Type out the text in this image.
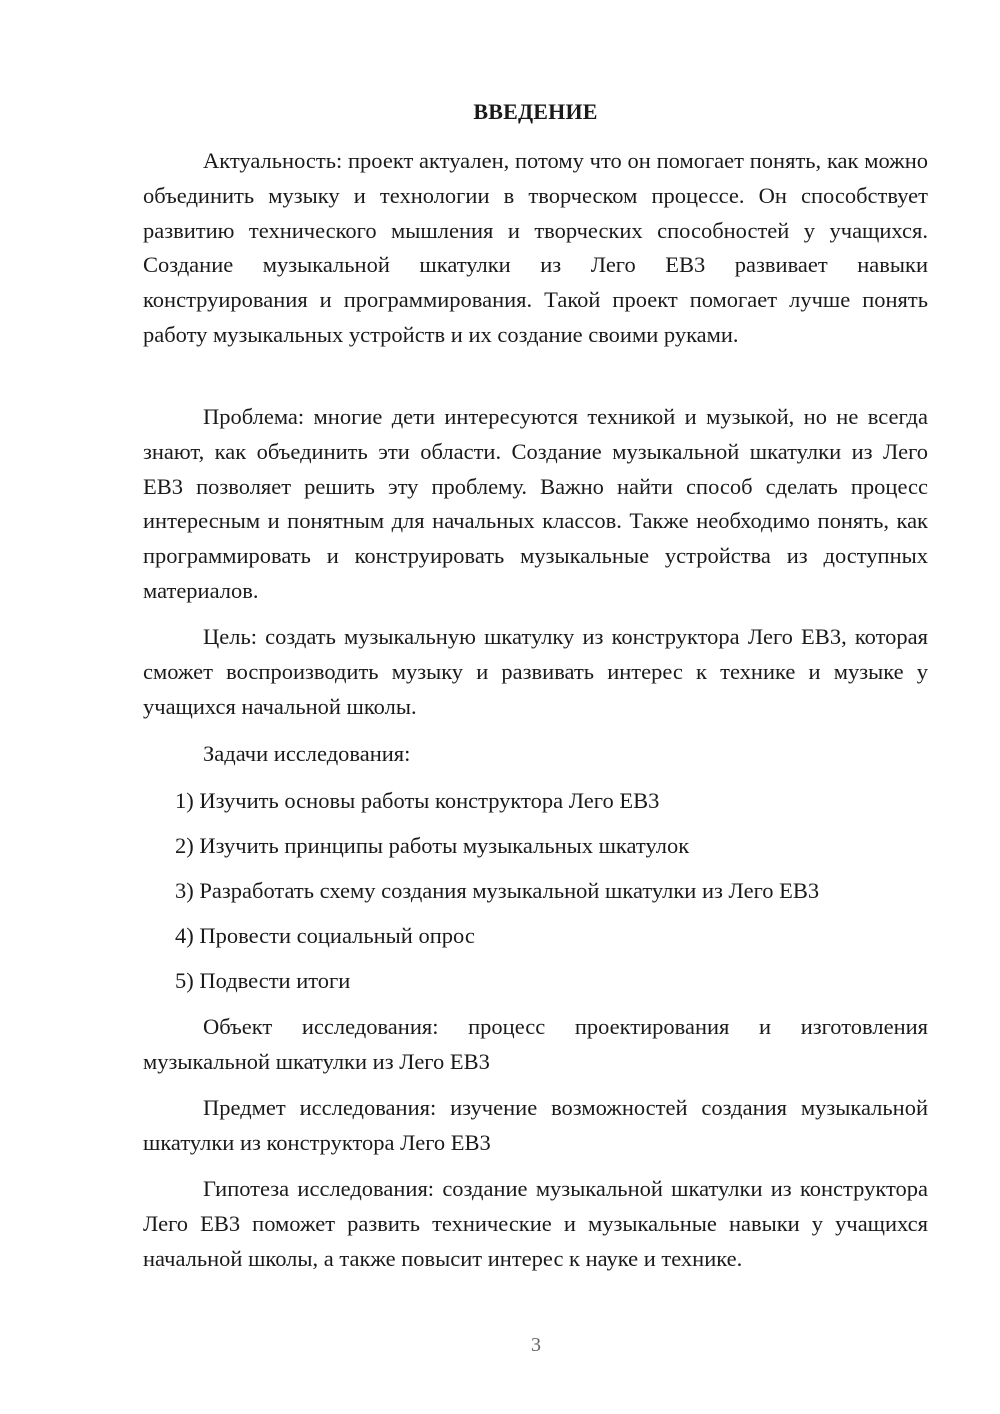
ВВЕДЕНИЕ

Актуальность: проект актуален, потому что он помогает понять, как можно объединить музыку и технологии в творческом процессе. Он способствует развитию технического мышления и творческих способностей у учащихся. Создание музыкальной шкатулки из Лего ЕВ3 развивает навыки конструирования и программирования. Такой проект помогает лучше понять работу музыкальных устройств и их создание своими руками.

Проблема: многие дети интересуются техникой и музыкой, но не всегда знают, как объединить эти области. Создание музыкальной шкатулки из Лего ЕВ3 позволяет решить эту проблему. Важно найти способ сделать процесс интересным и понятным для начальных классов. Также необходимо понять, как программировать и конструировать музыкальные устройства из доступных материалов.

Цель: создать музыкальную шкатулку из конструктора Лего ЕВ3, которая сможет воспроизводить музыку и развивать интерес к технике и музыке у учащихся начальной школы.

Задачи исследования:

1) Изучить основы работы конструктора Лего ЕВ3

2) Изучить принципы работы музыкальных шкатулок

3) Разработать схему создания музыкальной шкатулки из Лего ЕВ3

4) Провести социальный опрос

5) Подвести итоги

Объект исследования: процесс проектирования и изготовления музыкальной шкатулки из Лего ЕВ3

Предмет исследования: изучение возможностей создания музыкальной шкатулки из конструктора Лего ЕВ3

Гипотеза исследования: создание музыкальной шкатулки из конструктора Лего ЕВ3 поможет развить технические и музыкальные навыки у учащихся начальной школы, а также повысит интерес к науке и технике.

3
